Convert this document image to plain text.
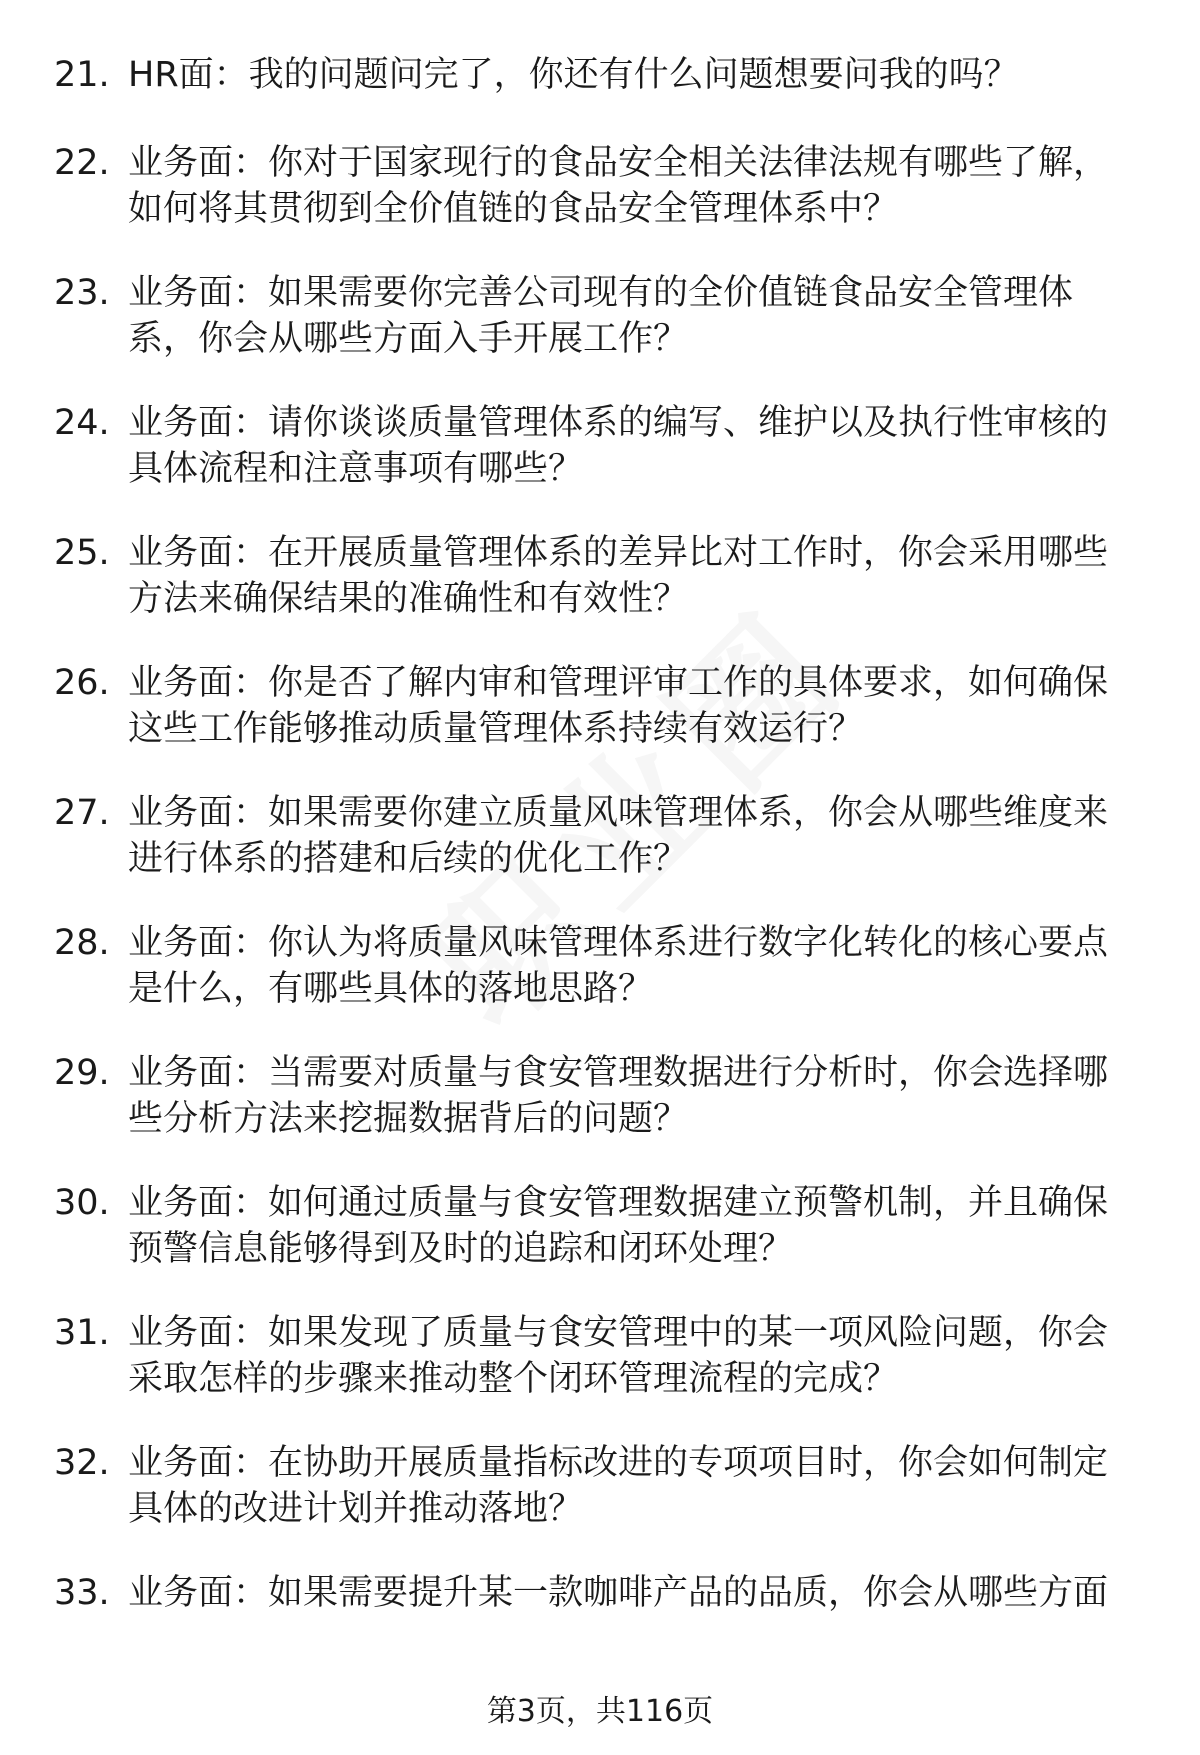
21. HR面：我的问题问完了，你还有什么问题想要问我的吗？
22. 业务面：你对于国家现行的食品安全相关法律法规有哪些了解，
如何将其贯彻到全价值链的食品安全管理体系中？
23. 业务面：如果需要你完善公司现有的全价值链食品安全管理体
系，你会从哪些方面入手开展工作？
24. 业务面：请你谈谈质量管理体系的编写、维护以及执行性审核的
具体流程和注意事项有哪些？
25. 业务面：在开展质量管理体系的差异比对工作时，你会采用哪些
方法来确保结果的准确性和有效性？
26. 业务面：你是否了解内审和管理评审工作的具体要求，如何确保
这些工作能够推动质量管理体系持续有效运行？
27. 业务面：如果需要你建立质量风味管理体系，你会从哪些维度来
进行体系的搭建和后续的优化工作？
28. 业务面：你认为将质量风味管理体系进行数字化转化的核心要点
是什么，有哪些具体的落地思路？
29. 业务面：当需要对质量与食安管理数据进行分析时，你会选择哪
些分析方法来挖掘数据背后的问题？
30. 业务面：如何通过质量与食安管理数据建立预警机制，并且确保
预警信息能够得到及时的追踪和闭环处理？
31. 业务面：如果发现了质量与食安管理中的某一项风险问题，你会
采取怎样的步骤来推动整个闭环管理流程的完成？
32. 业务面：在协助开展质量指标改进的专项项目时，你会如何制定
具体的改进计划并推动落地？
33. 业务面：如果需要提升某一款咖啡产品的品质，你会从哪些方面
第3页，共116页
